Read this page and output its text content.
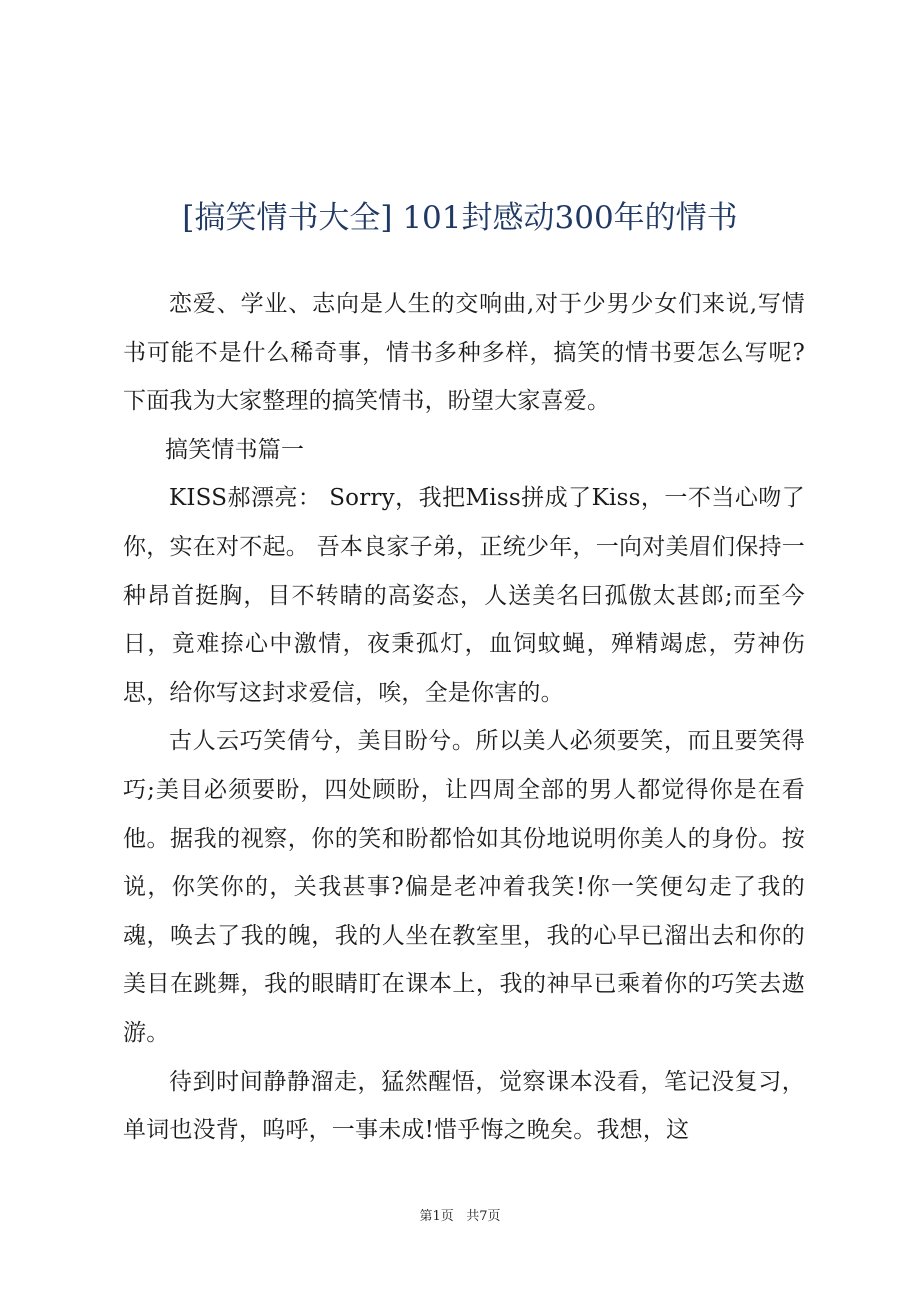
[搞笑情书大全] 101封感动300年的情书

恋爱、学业、志向是人生的交响曲,对于少男少女们来说,写情书可能不是什么稀奇事，情书多种多样，搞笑的情书要怎么写呢?下面我为大家整理的搞笑情书，盼望大家喜爱。

搞笑情书篇一

KISS郝漂亮： Sorry，我把Miss拼成了Kiss，一不当心吻了你，实在对不起。 吾本良家子弟，正统少年，一向对美眉们保持一种昂首挺胸，目不转睛的高姿态，人送美名曰孤傲太甚郎;而至今日，竟难捺心中激情，夜秉孤灯，血饲蚊蝇，殚精竭虑，劳神伤思，给你写这封求爱信，唉，全是你害的。

古人云巧笑倩兮，美目盼兮。所以美人必须要笑，而且要笑得巧;美目必须要盼，四处顾盼，让四周全部的男人都觉得你是在看他。据我的视察，你的笑和盼都恰如其份地说明你美人的身份。按说，你笑你的，关我甚事?偏是老冲着我笑!你一笑便勾走了我的魂，唤去了我的魄，我的人坐在教室里，我的心早已溜出去和你的美目在跳舞，我的眼睛盯在课本上，我的神早已乘着你的巧笑去遨游。

待到时间静静溜走，猛然醒悟，觉察课本没看，笔记没复习，单词也没背，呜呼，一事未成!惜乎悔之晚矣。我想，这

第1页 共7页
